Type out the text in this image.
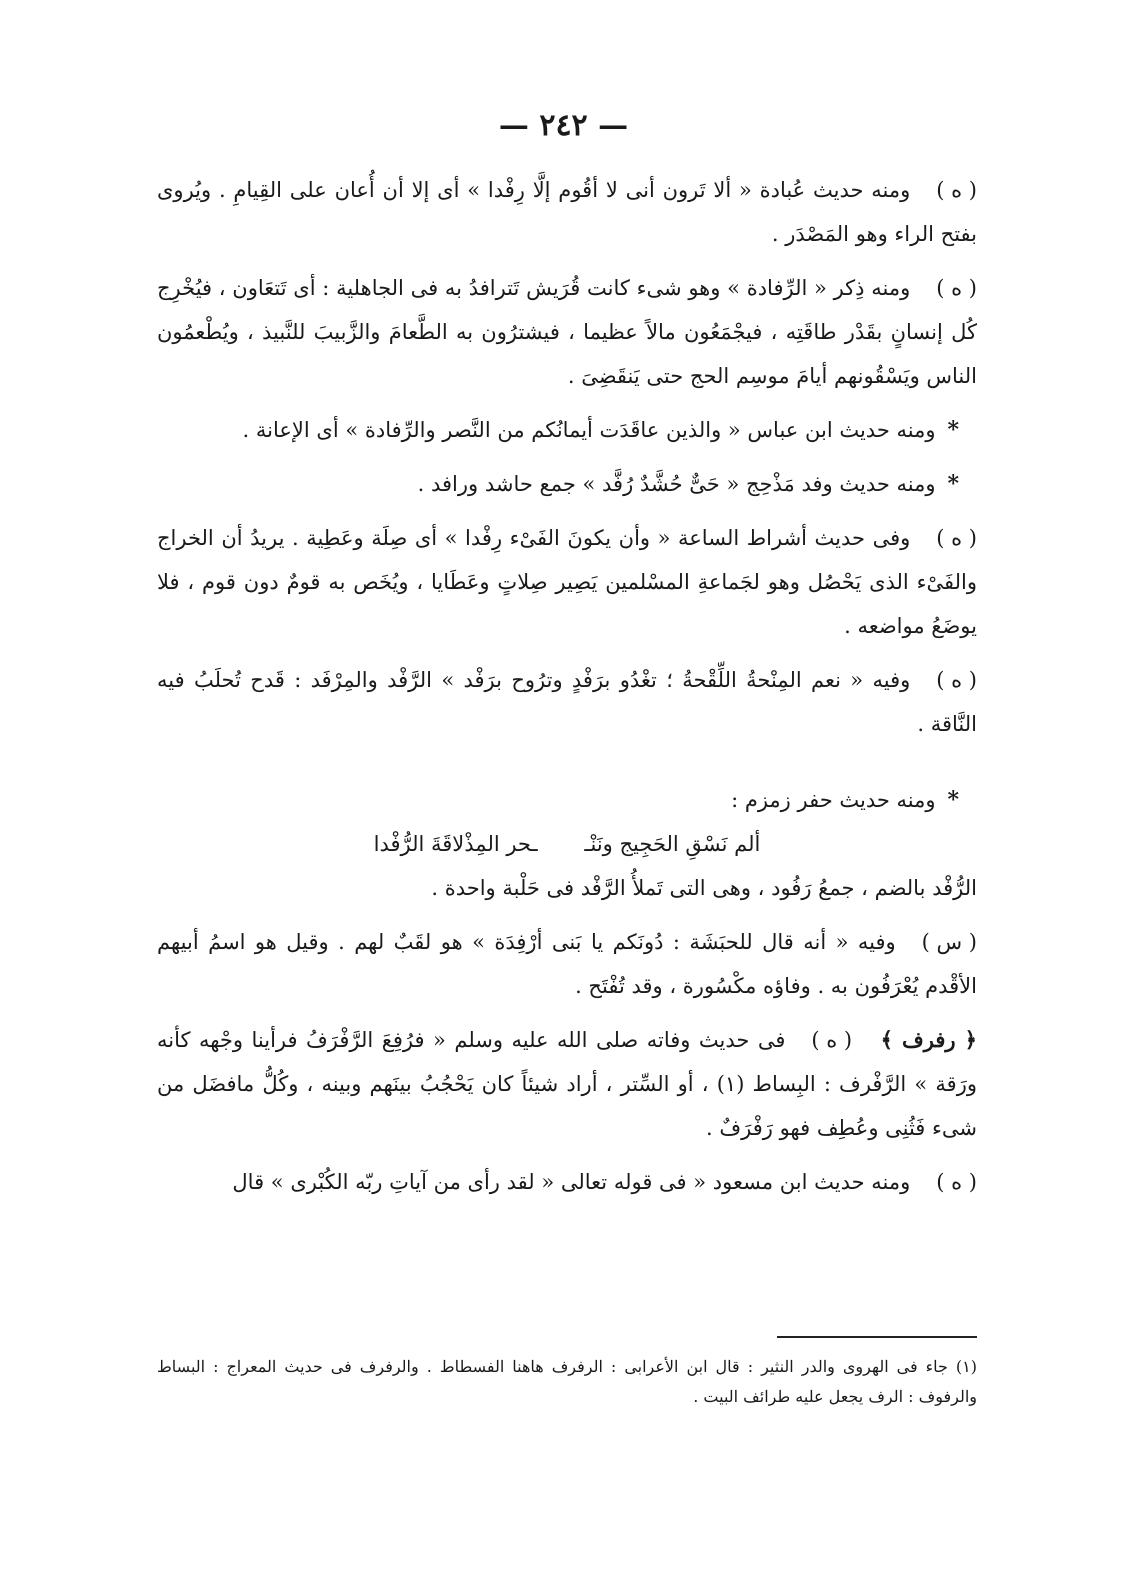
— ٢٤٢ —

( ه )ومنه حديث عُبادة « ألا تَرون أنى لا أقُوم إلَّا رِفْدا » أى إلا أن أُعان على القِيامِ . ويُروى بفتح الراء وهو المَصْدَر .

( ه )ومنه ذِكر « الرِّفادة » وهو شىء كانت قُرَيش تَترافدُ به فى الجاهلية : أى تَتعَاون ، فيُخْرِج كُل إنسانٍ بقَدْر طاقَتِه ، فيجْمَعُون مالاً عظيما ، فيشترُون به الطَّعامَ والزَّبيبَ للنَّبيذ ، ويُطْعمُون الناس ويَسْقُونهم أيامَ موسِم الحج حتى يَنقَضِىَ .

*ومنه حديث ابن عباس « والذين عاقَدَت أيمانُكم من النَّصر والرِّفادة » أى الإعانة .

*ومنه حديث وفد مَذْحِج « حَىٌّ حُشَّدٌ رُفَّد » جمع حاشد ورافد .

( ه )وفى حديث أشراط الساعة « وأن يكونَ الفَىْء رِفْدا » أى صِلَة وعَطِية . يريدُ أن الخراج والفَىْء الذى يَحْصُل وهو لجَماعةِ المسْلمين يَصِير صِلاتٍ وعَطَايا ، ويُخَص به قومٌ دون قوم ، فلا يوضَعُ مواضعه .

( ه )وفيه « نعم المِنْحةُ اللِّقْحةُ ؛ تغْدُو برَفْدٍ وترُوح برَفْد » الرَّفْد والمِرْفَد : قَدح تُحلَبُ فيه النَّاقة .

*ومنه حديث حفر زمزم :

ألم نَسْقِ الحَجِيج ونَنْـ ـحر المِذْلاقَةَ الرُّفْدا

الرُّفْد بالضم ، جمعُ رَفُود ، وهى التى تَملأُ الرَّفْد فى حَلْبة واحدة .

( س )وفيه « أنه قال للحبَشَة : دُونَكم يا بَنى أرْفِدَة » هو لقَبٌ لهم . وقيل هو اسمُ أبيهم الأقْدم يُعْرَفُون به . وفاؤه مكْسُورة ، وقد تُفْتَح .

﴿ رفرف ﴾ ( ه )فى حديث وفاته صلى الله عليه وسلم « فرُفِعَ الرَّفْرَفُ فرأينا وجْهه كأنه ورَقة » الرَّفْرف : البِساط (١) ، أو السِّتر ، أراد شيئاً كان يَحْجُبُ بينَهم وبينه ، وكُلُّ مافضَل من شىء فَثُنِى وعُطِف فهو رَفْرَفٌ .

( ه )ومنه حديث ابن مسعود « فى قوله تعالى « لقد رأى من آياتِ ربّه الكُبْرى » قال

(١) جاء فى الهروى والدر النثير : قال ابن الأعرابى : الرفرف هاهنا الفسطاط . والرفرف فى حديث المعراج : البساط والرفوف : الرف يجعل عليه طرائف البيت .
